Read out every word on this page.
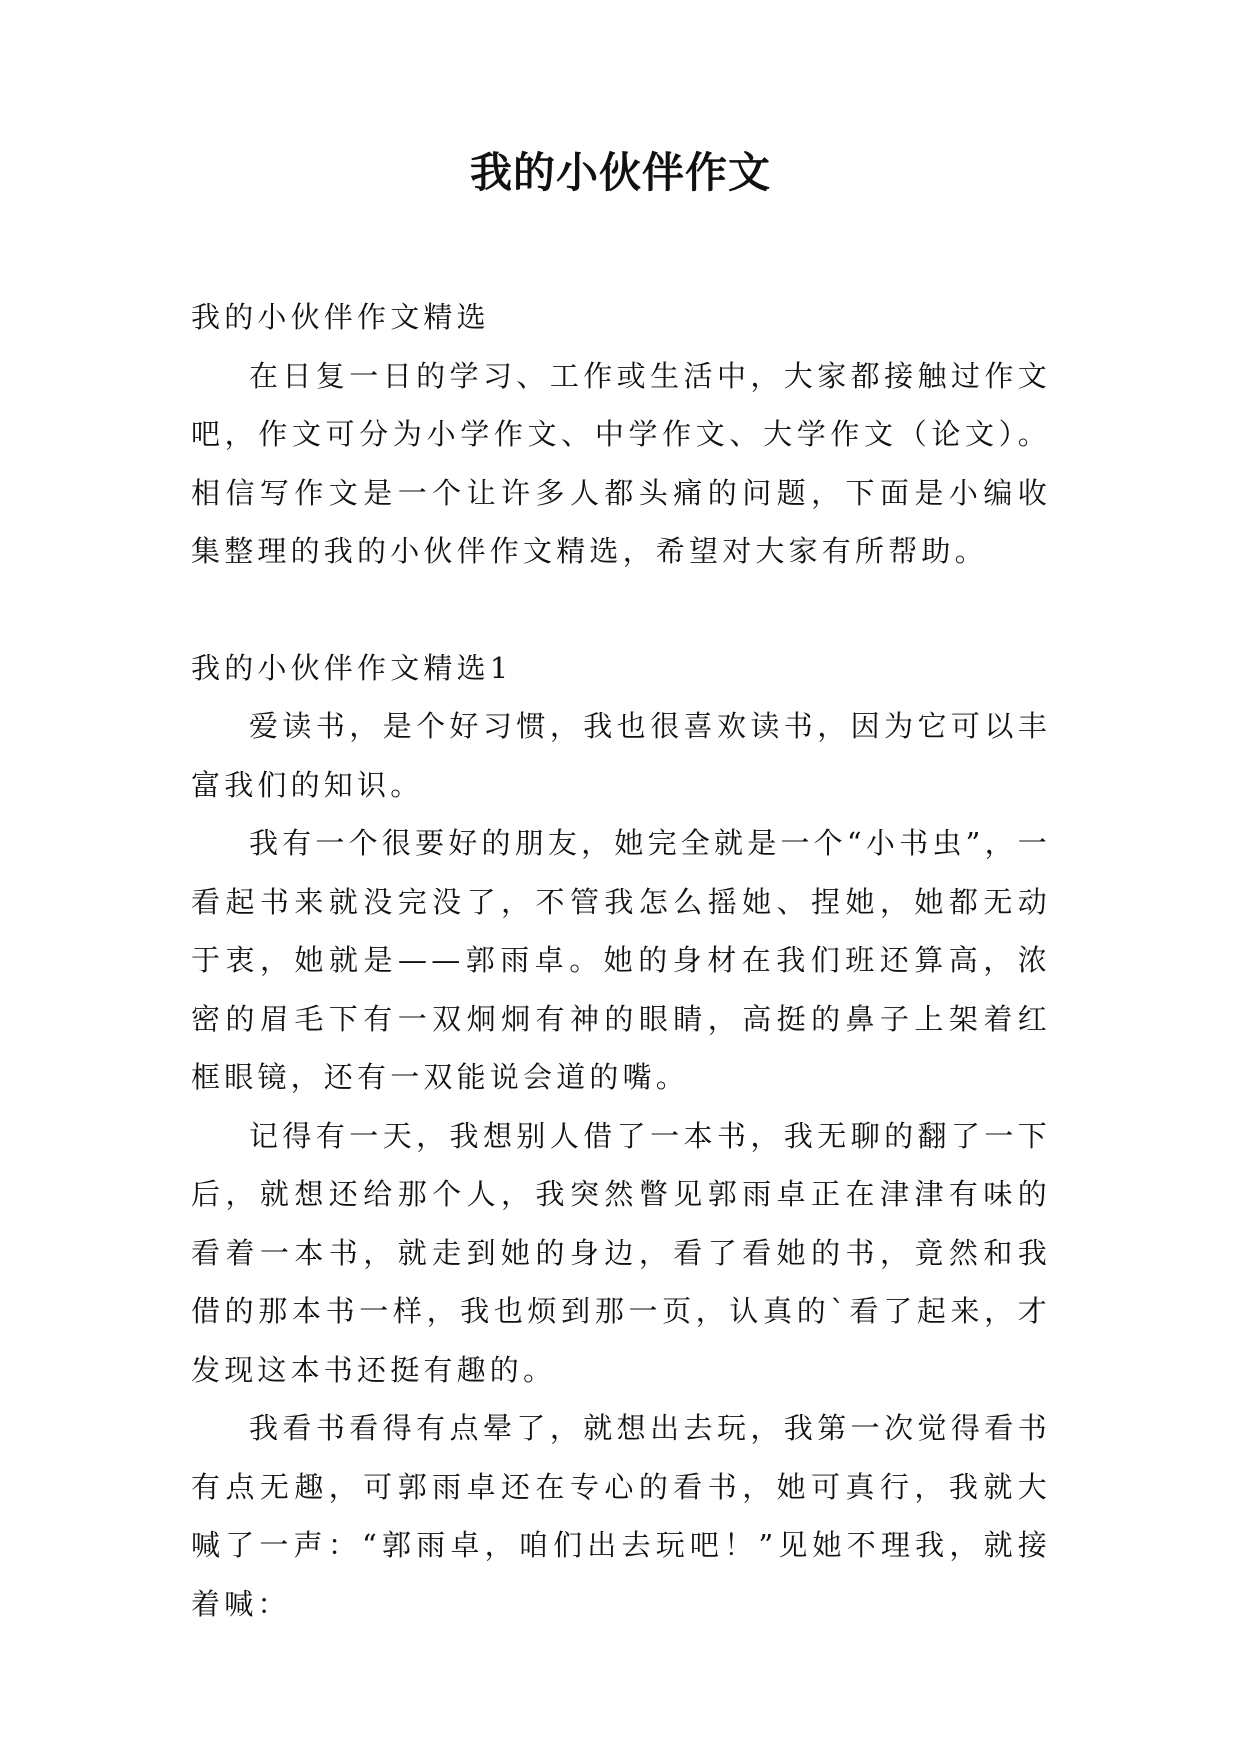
我的小伙伴作文

我的小伙伴作文精选

在日复一日的学习、工作或生活中，大家都接触过作文吧，作文可分为小学作文、中学作文、大学作文（论文）。相信写作文是一个让许多人都头痛的问题，下面是小编收集整理的我的小伙伴作文精选，希望对大家有所帮助。

我的小伙伴作文精选1

爱读书，是个好习惯，我也很喜欢读书，因为它可以丰富我们的知识。

我有一个很要好的朋友，她完全就是一个“小书虫”，一看起书来就没完没了，不管我怎么摇她、捏她，她都无动于衷，她就是——郭雨卓。她的身材在我们班还算高，浓密的眉毛下有一双炯炯有神的眼睛，高挺的鼻子上架着红框眼镜，还有一双能说会道的嘴。

记得有一天，我想别人借了一本书，我无聊的翻了一下后，就想还给那个人，我突然瞥见郭雨卓正在津津有味的看着一本书，就走到她的身边，看了看她的书，竟然和我借的那本书一样，我也烦到那一页，认真的`看了起来，才发现这本书还挺有趣的。

我看书看得有点晕了，就想出去玩，我第一次觉得看书有点无趣，可郭雨卓还在专心的看书，她可真行，我就大喊了一声：“郭雨卓，咱们出去玩吧！”见她不理我，就接着喊：
